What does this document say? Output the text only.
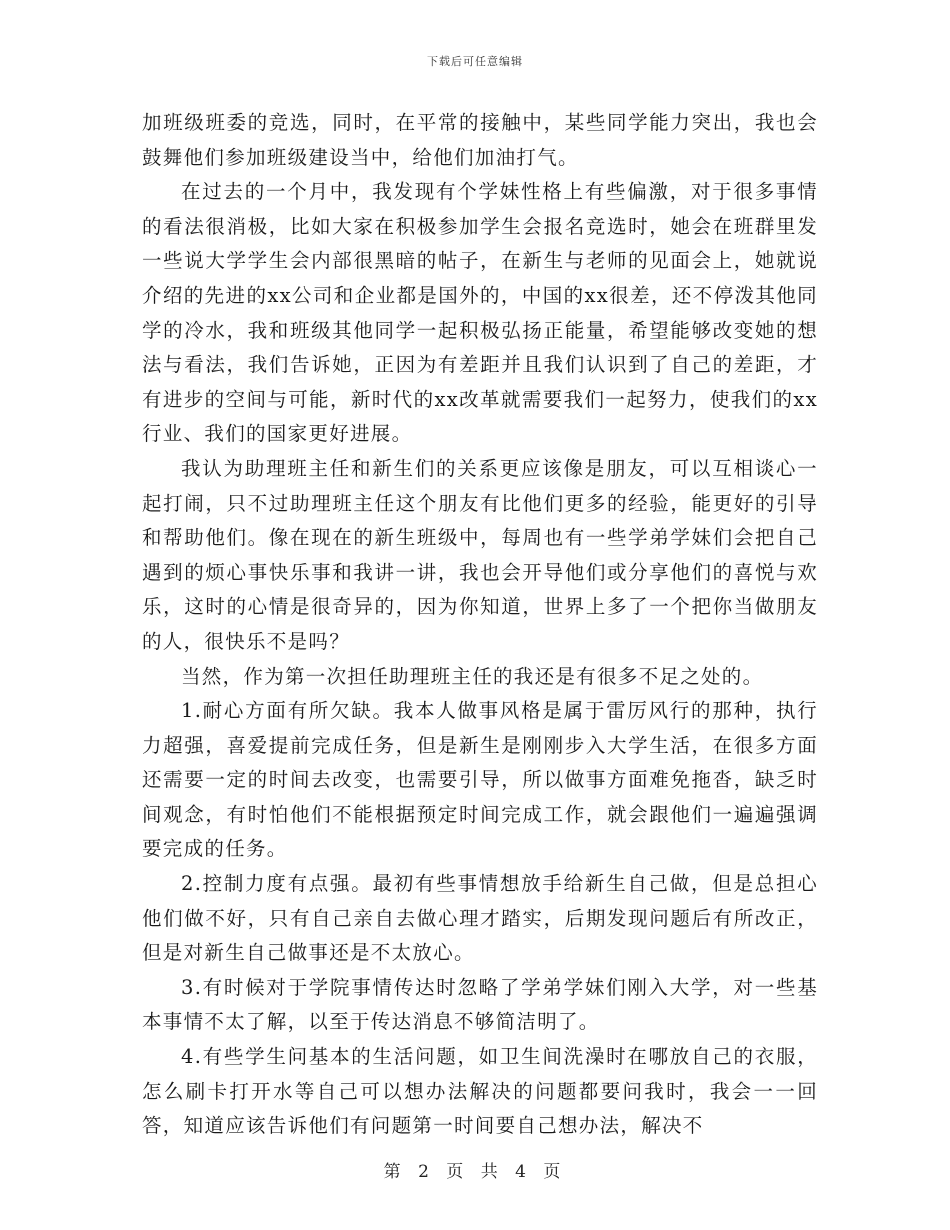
下载后可任意编辑

加班级班委的竞选，同时，在平常的接触中，某些同学能力突出，我也会鼓舞他们参加班级建设当中，给他们加油打气。

在过去的一个月中，我发现有个学妹性格上有些偏激，对于很多事情的看法很消极，比如大家在积极参加学生会报名竞选时，她会在班群里发一些说大学学生会内部很黑暗的帖子，在新生与老师的见面会上，她就说介绍的先进的xx公司和企业都是国外的，中国的xx很差，还不停泼其他同学的冷水，我和班级其他同学一起积极弘扬正能量，希望能够改变她的想法与看法，我们告诉她，正因为有差距并且我们认识到了自己的差距，才有进步的空间与可能，新时代的xx改革就需要我们一起努力，使我们的xx行业、我们的国家更好进展。

我认为助理班主任和新生们的关系更应该像是朋友，可以互相谈心一起打闹，只不过助理班主任这个朋友有比他们更多的经验，能更好的引导和帮助他们。像在现在的新生班级中，每周也有一些学弟学妹们会把自己遇到的烦心事快乐事和我讲一讲，我也会开导他们或分享他们的喜悦与欢乐，这时的心情是很奇异的，因为你知道，世界上多了一个把你当做朋友的人，很快乐不是吗？

当然，作为第一次担任助理班主任的我还是有很多不足之处的。

1.耐心方面有所欠缺。我本人做事风格是属于雷厉风行的那种，执行力超强，喜爱提前完成任务，但是新生是刚刚步入大学生活，在很多方面还需要一定的时间去改变，也需要引导，所以做事方面难免拖沓，缺乏时间观念，有时怕他们不能根据预定时间完成工作，就会跟他们一遍遍强调要完成的任务。

2.控制力度有点强。最初有些事情想放手给新生自己做，但是总担心他们做不好，只有自己亲自去做心理才踏实，后期发现问题后有所改正，但是对新生自己做事还是不太放心。

3.有时候对于学院事情传达时忽略了学弟学妹们刚入大学，对一些基本事情不太了解，以至于传达消息不够简洁明了。

4.有些学生问基本的生活问题，如卫生间洗澡时在哪放自己的衣服，怎么刷卡打开水等自己可以想办法解决的问题都要问我时，我会一一回答，知道应该告诉他们有问题第一时间要自己想办法，解决不

第 2 页 共 4 页
